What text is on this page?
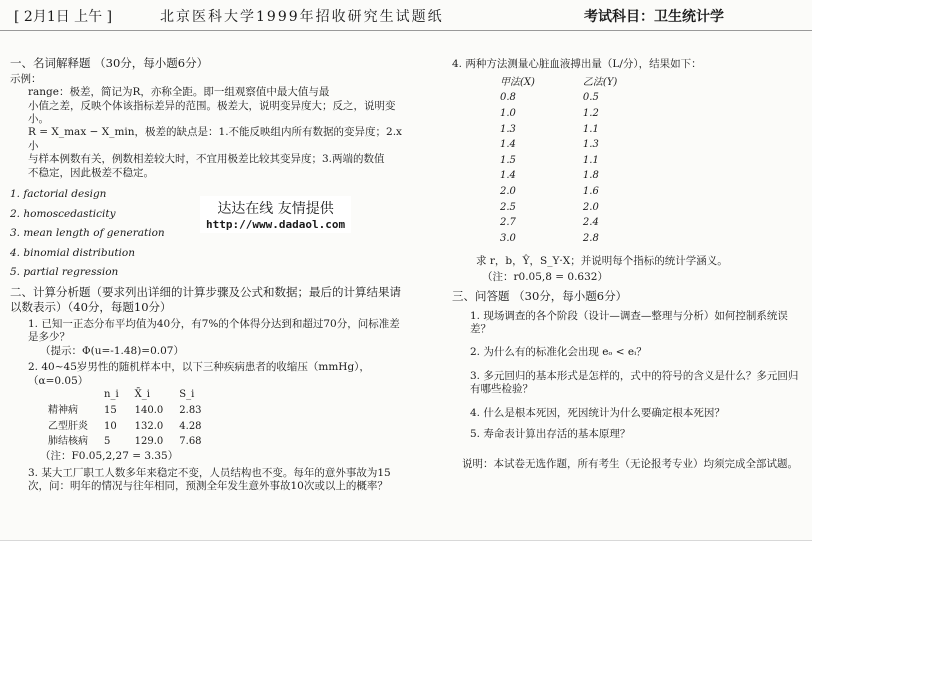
[ 2月1日 上午 ]	北京医科大学1999年招收研究生试题纸	考试科目：卫生统计学
一、名词解释题 （30分，每小题6分）
示例：
range：极差，简记为R，亦称全距。即一组观察值中最大值与最
小值之差，反映个体该指标差异的范围。极差大，说明变异度大；反之，说明变小。
R = X_max − X_min，极差的缺点是：1.不能反映组内所有数据的变异度；2.x小
与样本例数有关，例数相差较大时，不宜用极差比较其变异度；3.两端的数值
不稳定，因此极差不稳定。
1. factorial design
2. homoscedasticity
3. mean length of generation
4. binomial distribution
5. partial regression
二、计算分析题（要求列出详细的计算步骤及公式和数据；最后的计算结果请以数表示）（40分，每题10分）
1. 已知一正态分布平均值为40分，有7%的个体得分达到和超过70分，问标准差是多少？
（提示：Φ(u=-1.48)=0.07）
2. 40~45岁男性的随机样本中，以下三种疾病患者的收缩压（mmHg），（α=0.05）
	n_i	X̄_i	S_i
精神病	15	140.0	2.83
乙型肝炎	10	132.0	4.28
肺结核病	5	129.0	7.68
（注：F0.05,2,27 = 3.35）
3. 某大工厂职工人数多年来稳定不变，人员结构也不变。每年的意外事故为15次，问：明年的情况与往年相同，预测全年发生意外事故10次或以上的概率？
达达在线 友情提供
http://www.dadaol.com
4. 两种方法测量心脏血液搏出量（L/分），结果如下：
甲法(X)	乙法(Y)
0.8	0.5
1.0	1.2
1.3	1.1
1.4	1.3
1.5	1.1
1.4	1.8
2.0	1.6
2.5	2.0
2.7	2.4
3.0	2.8
求 r，b，Ŷ，S_Y·X；并说明每个指标的统计学涵义。
（注：r0.05,8 = 0.632）
三、问答题 （30分，每小题6分）
1. 现场调查的各个阶段（设计—调查—整理与分析）如何控制系统误差？
2. 为什么有的标准化会出现 eₒ < eᵢ？
3. 多元回归的基本形式是怎样的，式中的符号的含义是什么？多元回归有哪些检验？
4. 什么是根本死因，死因统计为什么要确定根本死因？
5. 寿命表计算出存活的基本原理？
说明：本试卷无选作题，所有考生（无论报考专业）均须完成全部试题。
